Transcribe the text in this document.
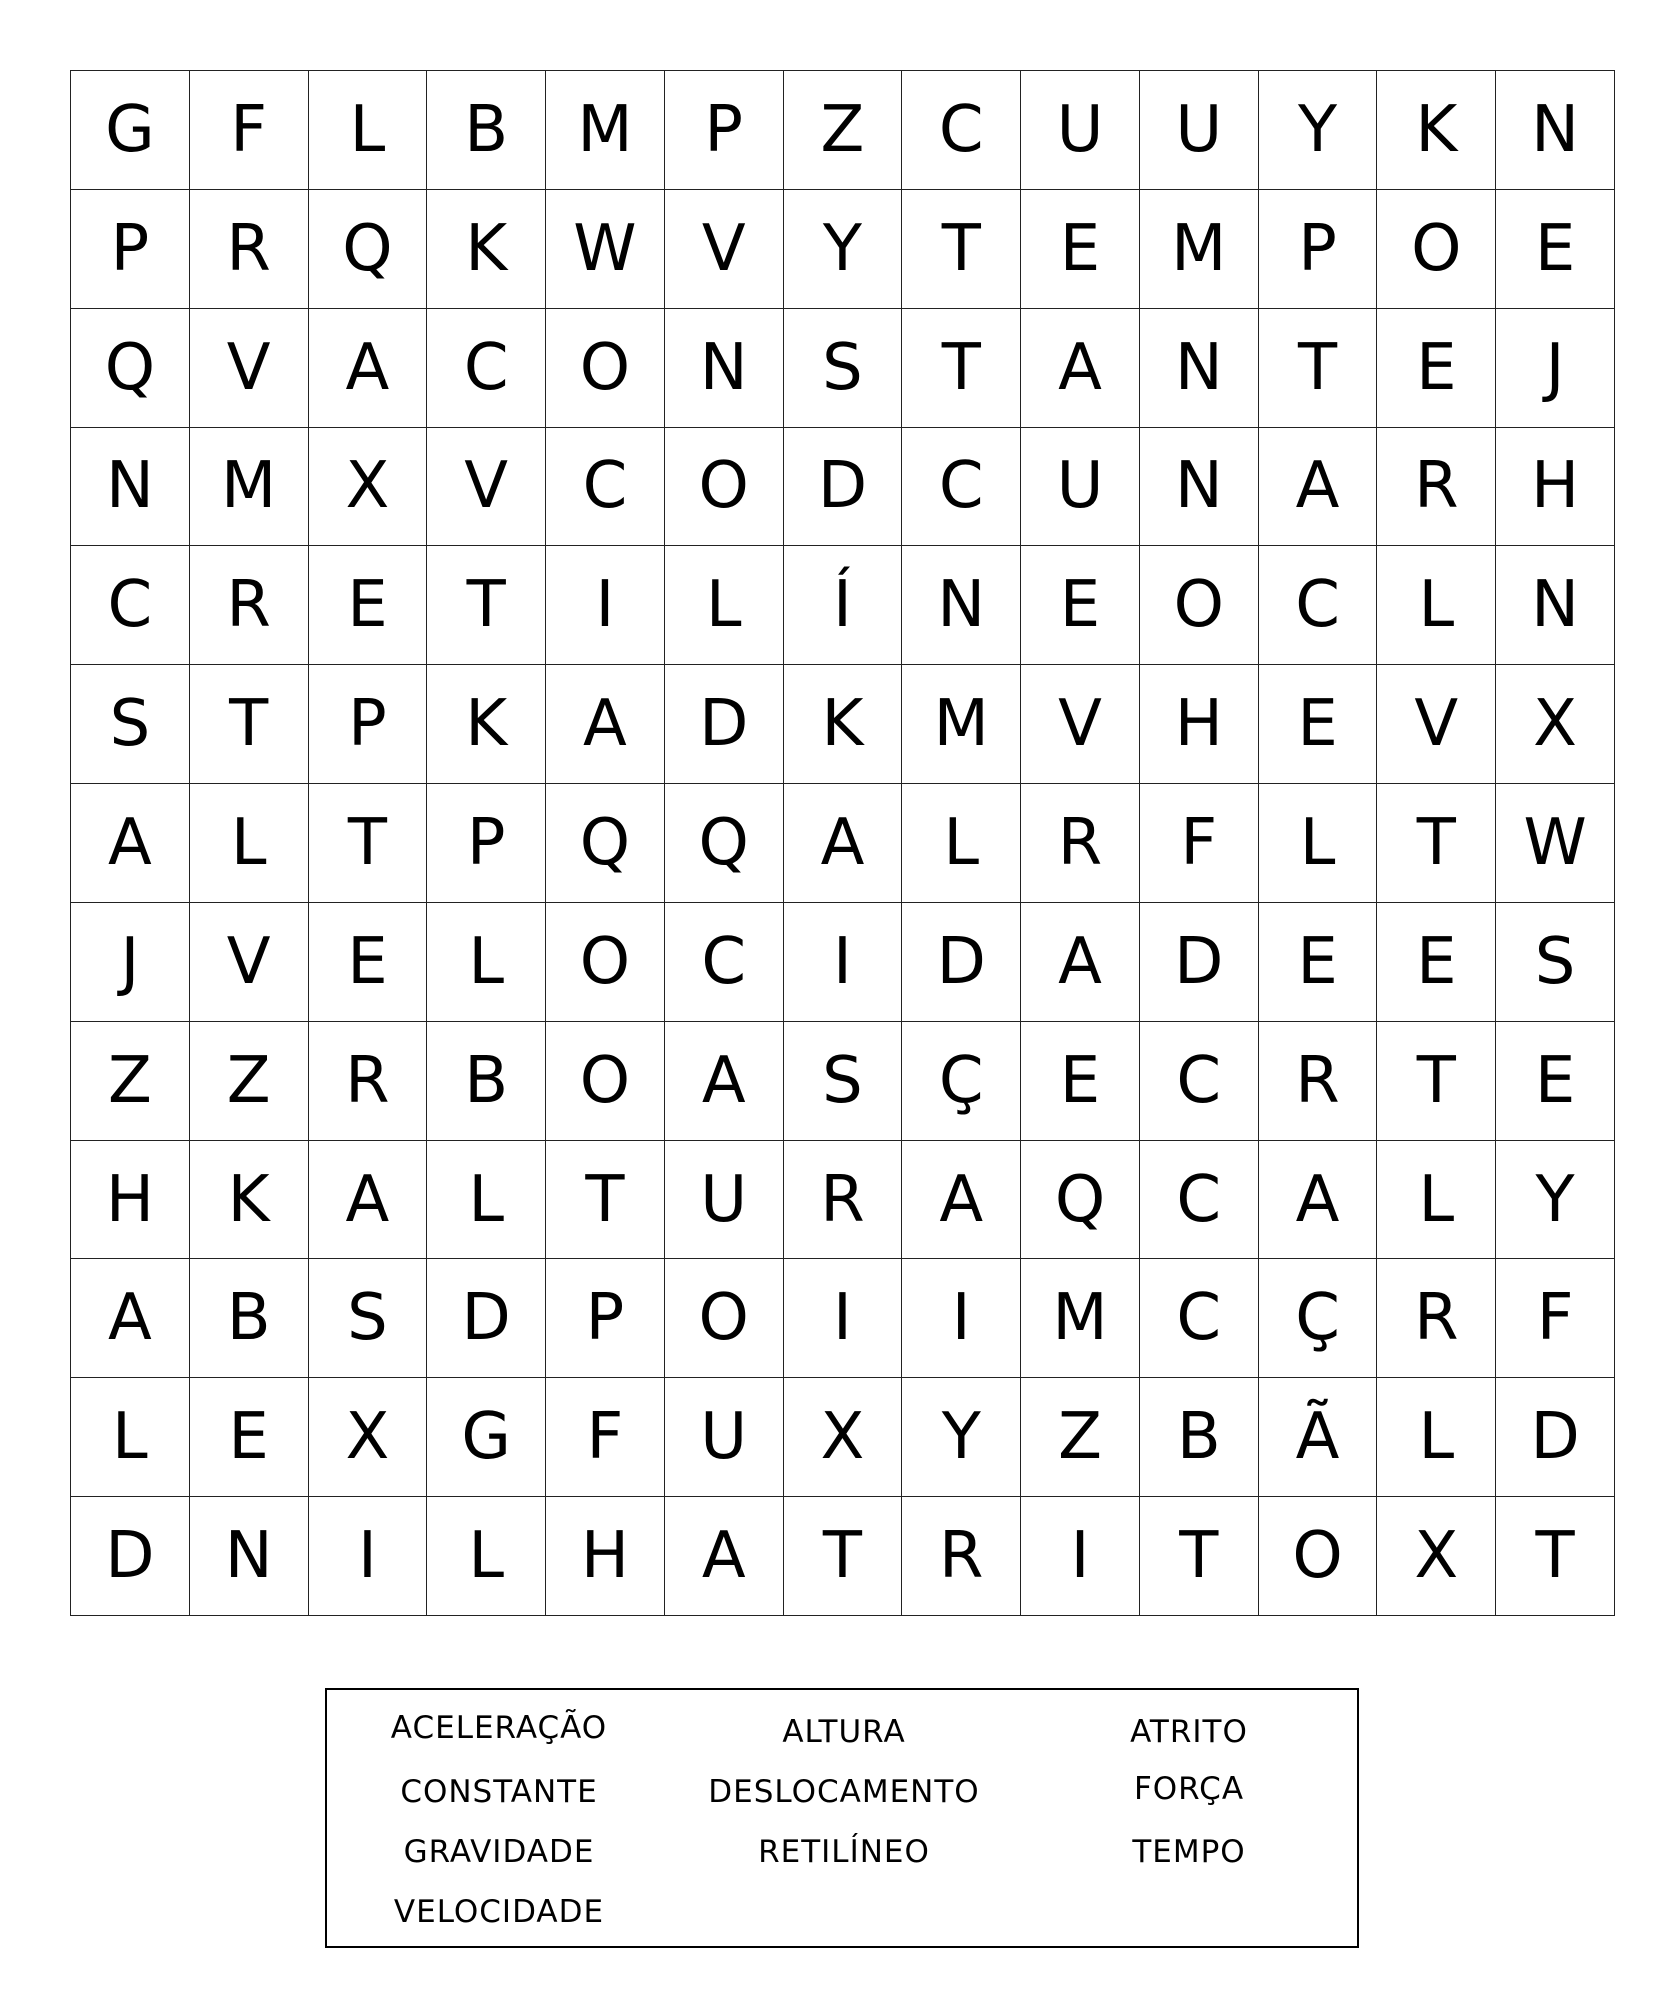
G	F	L	B	M	P	Z	C	U	U	Y	K	N
P	R	Q	K	W	V	Y	T	E	M	P	O	E
Q	V	A	C	O	N	S	T	A	N	T	E	J
N	M	X	V	C	O	D	C	U	N	A	R	H
C	R	E	T	I	L	Í	N	E	O	C	L	N
S	T	P	K	A	D	K	M	V	H	E	V	X
A	L	T	P	Q	Q	A	L	R	F	L	T	W
J	V	E	L	O	C	I	D	A	D	E	E	S
Z	Z	R	B	O	A	S	Ç	E	C	R	T	E
H	K	A	L	T	U	R	A	Q	C	A	L	Y
A	B	S	D	P	O	I	I	M	C	Ç	R	F
L	E	X	G	F	U	X	Y	Z	B	Ã	L	D
D	N	I	L	H	A	T	R	I	T	O	X	T
ACELERAÇÃO	ALTURA	ATRITO
CONSTANTE	DESLOCAMENTO	FORÇA
GRAVIDADE	RETILÍNEO	TEMPO
VELOCIDADE
